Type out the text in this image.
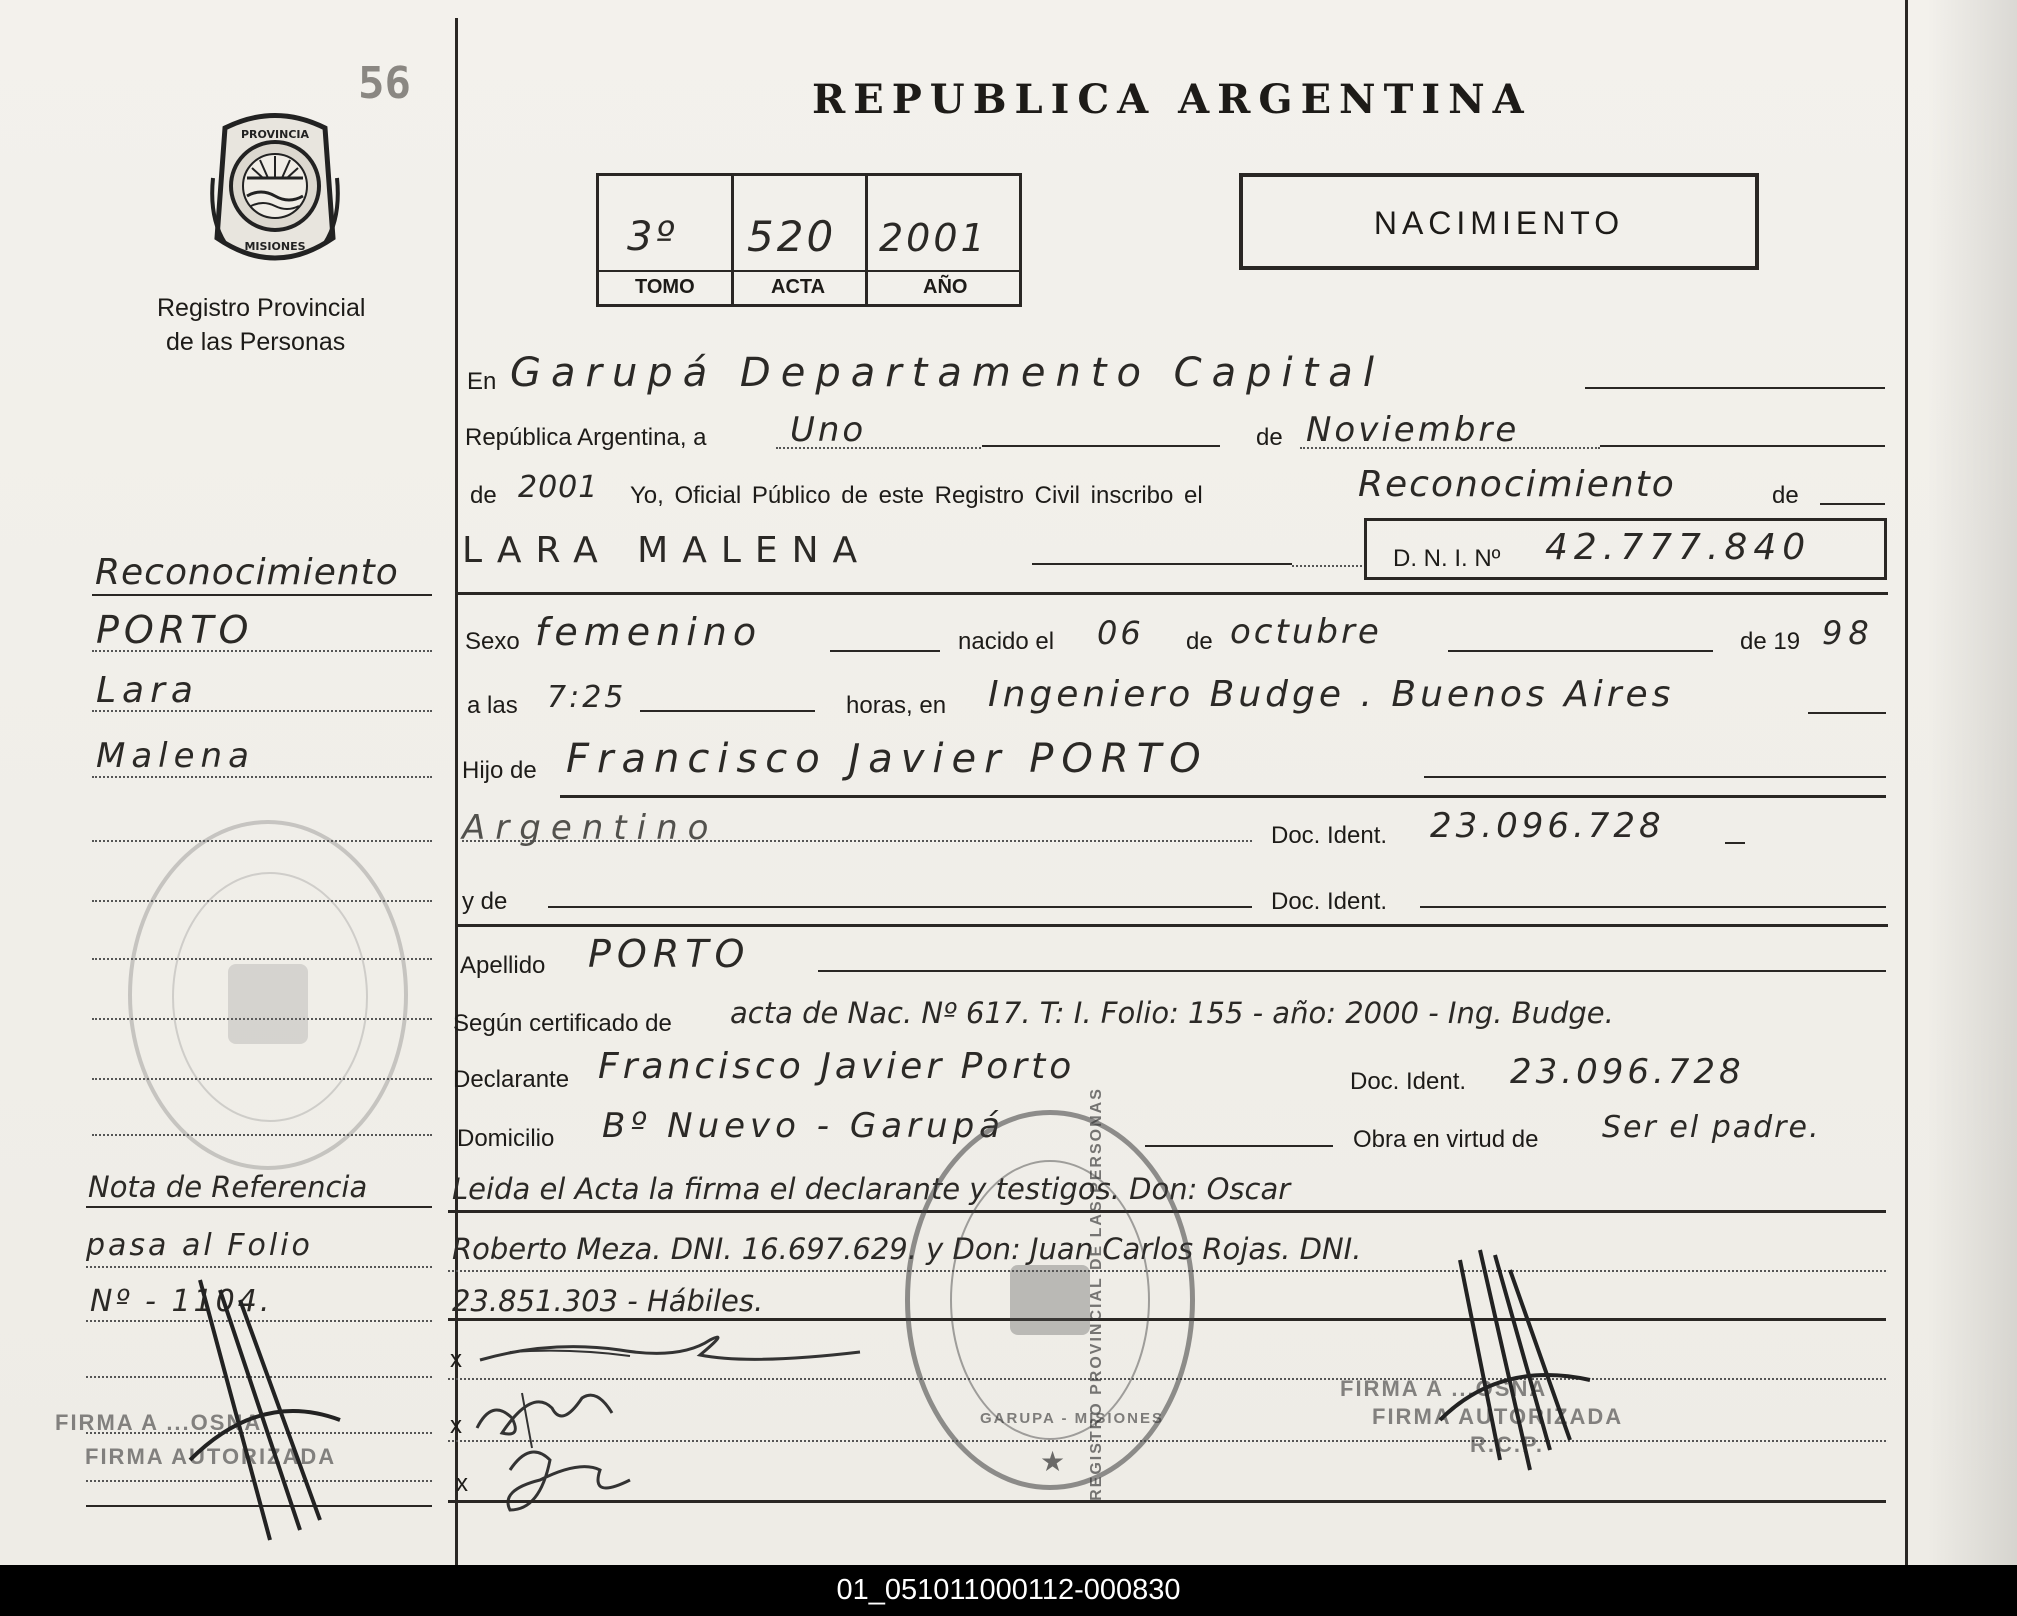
56
PROVINCIA
MISIONES
Registro Provincial
de las Personas
REPUBLICA ARGENTINA
3º 520 2001
TOMO	ACTA	AÑO
NACIMIENTO
En Garupá Departamento Capital
República Argentina, a Uno	de Noviembre
de 2001 Yo, Oficial Público de este Registro Civil inscribo el	Reconocimiento	de
LARA MALENA	D. N. I. Nº 42.777.840
Sexo femenino	nacido el 06 de octubre	de 19 98
a las 7:25	horas, en Ingeniero Budge . Buenos Aires
Hijo de Francisco Javier PORTO
Argentino	Doc. Ident. 23.096.728
y de	Doc. Ident.
Apellido PORTO
Según certificado de acta de Nac. Nº 617. T: I. Folio: 155 - año: 2000 - Ing. Budge.
Declarante Francisco Javier Porto	Doc. Ident. 23.096.728
Domicilio Bº Nuevo - Garupá	Obra en virtud de Ser el padre.
Leida el Acta la firma el declarante y testigos. Don: Oscar
Roberto Meza. DNI. 16.697.629. y Don: Juan Carlos Rojas. DNI.
23.851.303 - Hábiles.
x
x
x
★ REGISTRO PROVINCIAL DE LAS PERSONAS
GARUPA - MISIONES
FIRMA A ...OSNA
FIRMA AUTORIZADA
R.C.P.
Reconocimiento
PORTO
Lara
Malena
Nota de Referencia
pasa al Folio
Nº - 1104.
FIRMA A ...OSNA
FIRMA AUTORIZADA
01_051011000112-000830
